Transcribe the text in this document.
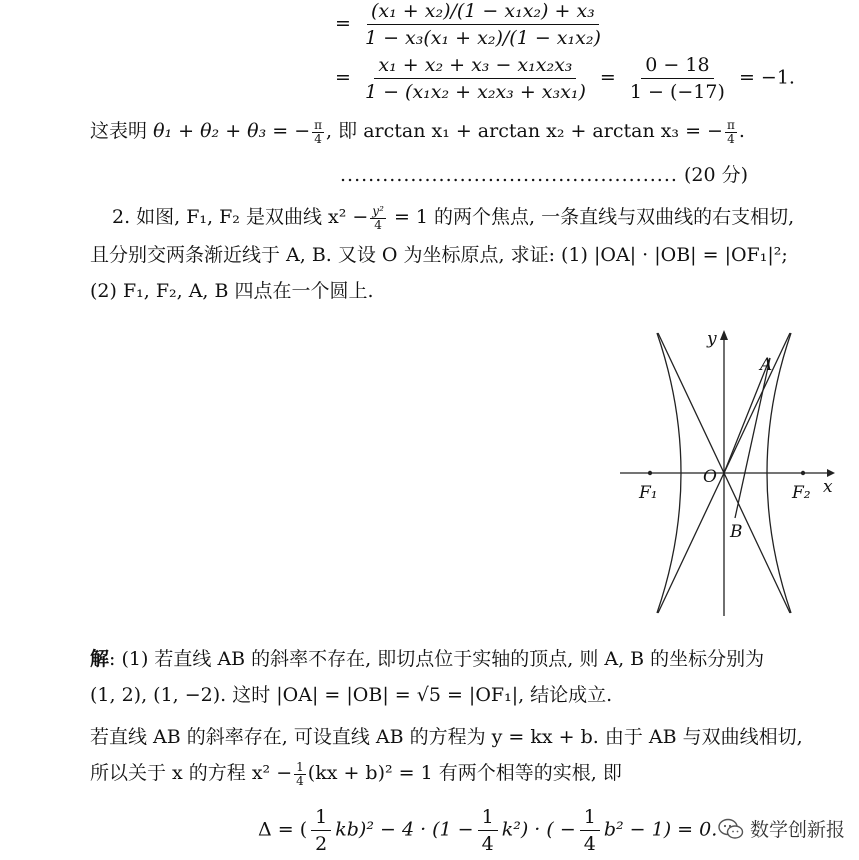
= $\frac{\text{(x₁ + x₂)/(1 − x₁x₂) + x₃}}{\text{1 − x₃(x₁ + x₂)/(1 − x₁x₂)}}$
= $\frac{\text{x₁ + x₂ + x₃ − x₁x₂x₃}}{\text{1 − (x₁x₂ + x₂x₃ + x₃x₁)}} = \frac{0 - 18}{1 - (-17)} = -1$.
这表明 θ₁ + θ₂ + θ₃ = − $\frac{\pi}{4}$ , 即 arctan x₁ + arctan x₂ + arctan x₃ = − $\frac{\pi}{4}$ .
................................................ (20 分)
2. 如图, F₁, F₂ 是双曲线 $x^2 - \frac{\text{y²}}{4} = 1$ 的两个焦点, 一条直线与双曲线的右支相切,
且分别交两条渐近线于 A, B. 又设 O 为坐标原点, 求证: (1) |OA| · |OB| = |OF₁|²;
(2) F₁, F₂, A, B 四点在一个圆上.
y
x
O
A
B
F₁	F₂
解: (1) 若直线 AB 的斜率不存在, 即切点位于实轴的顶点, 则 A, B 的坐标分别为
(1, 2), (1, −2). 这时 |OA| = |OB| = √5 = |OF₁|, 结论成立.
若直线 AB 的斜率存在, 可设直线 AB 的方程为 y = kx + b. 由于 AB 与双曲线相切,
所以关于 x 的方程 $x^2 - \frac{1}{4} (kx + b)^2 = 1$ 有两个相等的实根, 即
Δ = ( $\frac{1}{2} kb)^2 - 4 \cdot (1 - \frac{1}{4} k^2)$ · ( − $\frac{1}{4} b^2 - 1) = 0$. 数学创新报
